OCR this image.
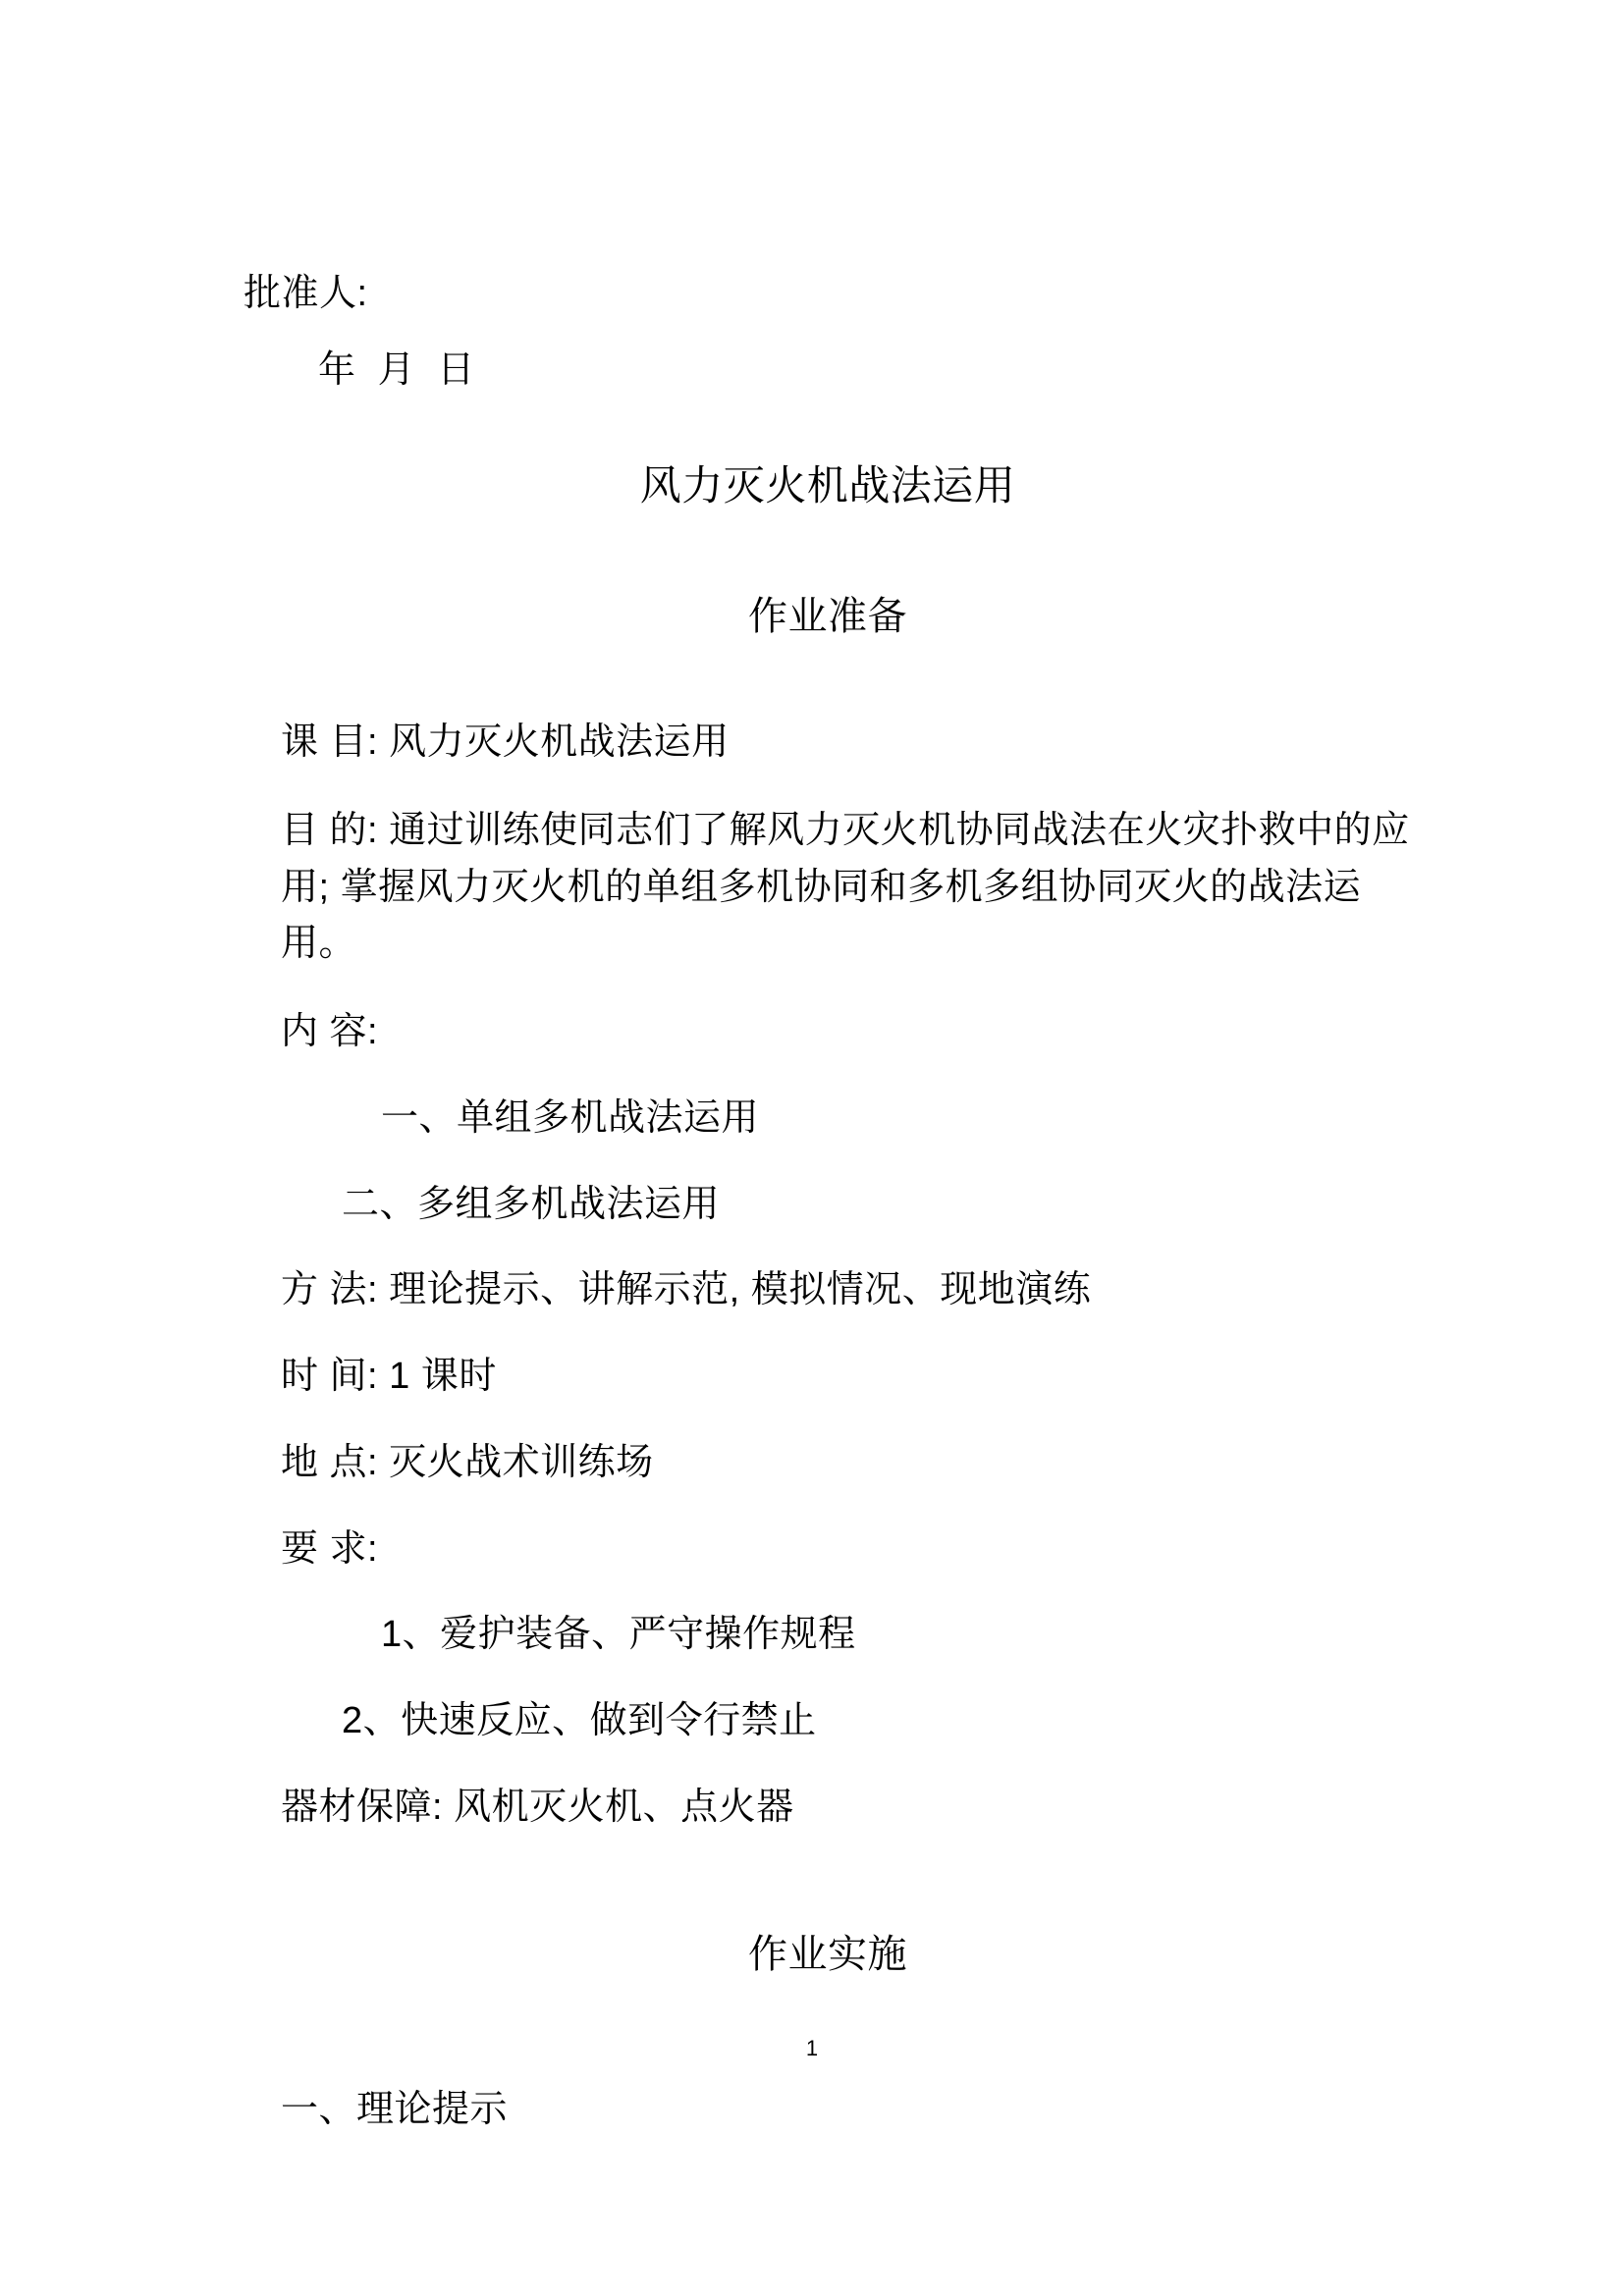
批准人:
年  月  日
风力灭火机战法运用
作业准备
课 目: 风力灭火机战法运用
目 的: 通过训练使同志们了解风力灭火机协同战法在火灾扑救中的应用; 掌握风力灭火机的单组多机协同和多机多组协同灭火的战法运用。
内 容:
一、单组多机战法运用
二、多组多机战法运用
方 法: 理论提示、讲解示范, 模拟情况、现地演练
时 间: 1 课时
地 点: 灭火战术训练场
要 求:
1、爱护装备、严守操作规程
2、快速反应、做到令行禁止
器材保障: 风机灭火机、点火器
作业实施
一、理论提示
1
